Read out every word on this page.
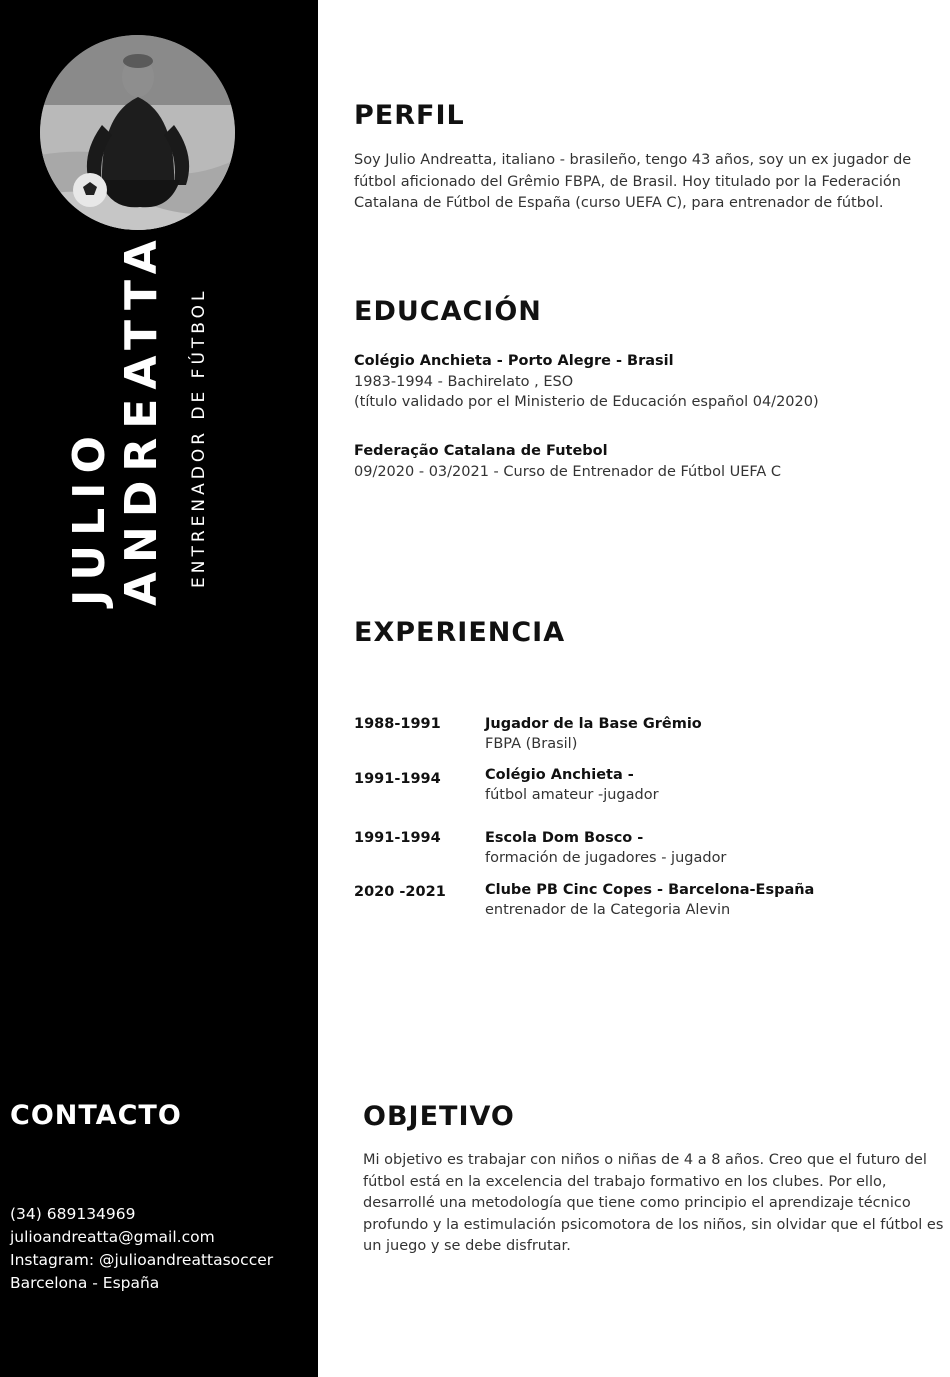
JULIO ANDREATTA ENTRENADOR DE FÚTBOL
CONTACTO
(34) 689134969
julioandreatta@gmail.com
Instagram: @julioandreattasoccer
Barcelona - España
PERFIL
Soy Julio Andreatta, italiano - brasileño, tengo 43 años, soy un ex jugador de fútbol aficionado del Grêmio FBPA, de Brasil. Hoy titulado por la Federación Catalana de Fútbol de España (curso UEFA C), para entrenador de fútbol.
EDUCACIÓN
Colégio Anchieta - Porto Alegre - Brasil
1983-1994 - Bachirelato , ESO
(título validado por el Ministerio de Educación español 04/2020)
Federação Catalana de Futebol
09/2020 - 03/2021 - Curso de Entrenador de Fútbol UEFA C
EXPERIENCIA
1988-1991	Jugador de la Base Grêmio
FBPA (Brasil)
1991-1994	Colégio Anchieta -
fútbol amateur -jugador
1991-1994	Escola Dom Bosco -
formación de jugadores - jugador
2020 -2021	Clube PB Cinc Copes - Barcelona-España
entrenador de la Categoria Alevin
OBJETIVO
Mi objetivo es trabajar con niños o niñas de 4 a 8 años. Creo que el futuro del fútbol está en la excelencia del trabajo formativo en los clubes. Por ello, desarrollé una metodología que tiene como principio el aprendizaje técnico profundo y la estimulación psicomotora de los niños, sin olvidar que el fútbol es un juego y se debe disfrutar.
